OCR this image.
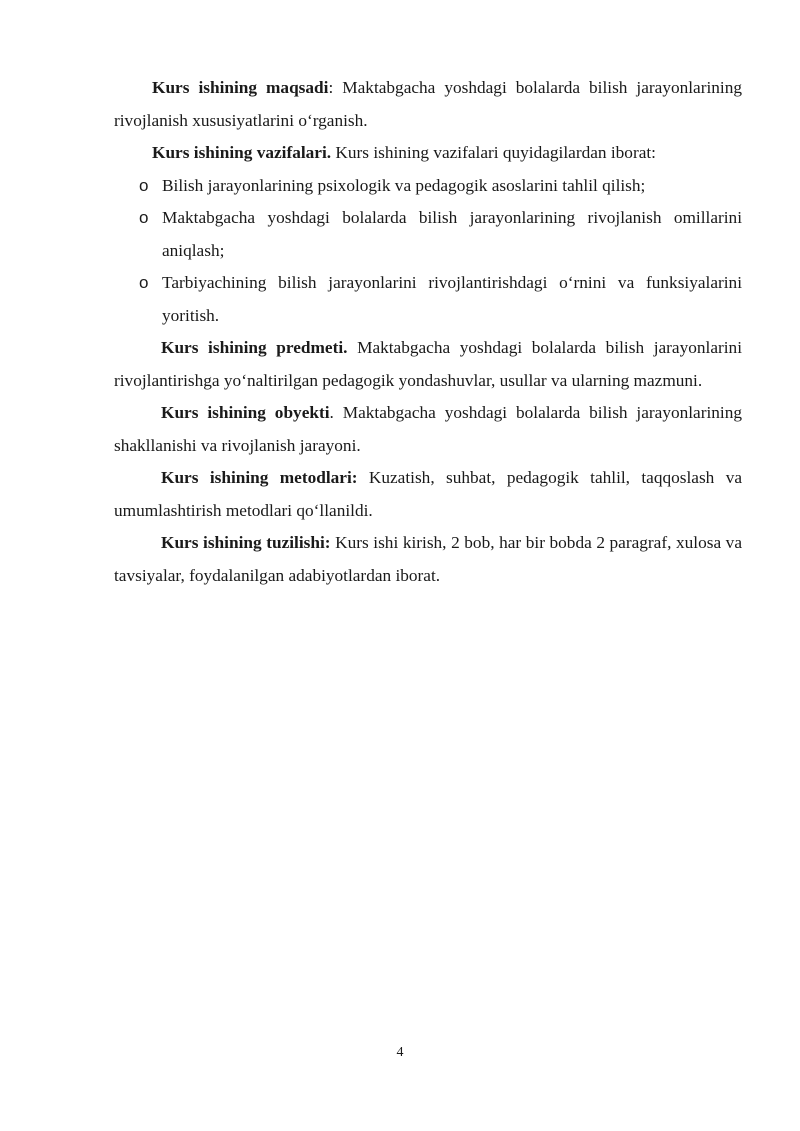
Kurs ishining maqsadi: Maktabgacha yoshdagi bolalarda bilish jarayonlarining rivojlanish xususiyatlarini o‘rganish.

Kurs ishining vazifalari. Kurs ishining vazifalari quyidagilardan iborat:

o Bilish jarayonlarining psixologik va pedagogik asoslarini tahlil qilish;
o Maktabgacha yoshdagi bolalarda bilish jarayonlarining rivojlanish omillarini aniqlash;
o Tarbiyachining bilish jarayonlarini rivojlantirishdagi o‘rnini va funksiyalarini yoritish.

Kurs ishining predmeti. Maktabgacha yoshdagi bolalarda bilish jarayonlarini rivojlantirishga yo‘naltirilgan pedagogik yondashuvlar, usullar va ularning mazmuni.

Kurs ishining obyekti. Maktabgacha yoshdagi bolalarda bilish jarayonlarining shakllanishi va rivojlanish jarayoni.

Kurs ishining metodlari: Kuzatish, suhbat, pedagogik tahlil, taqqoslash va umumlashtirish metodlari qo‘llanildi.

Kurs ishining tuzilishi: Kurs ishi kirish, 2 bob, har bir bobda 2 paragraf, xulosa va tavsiyalar, foydalanilgan adabiyotlardan iborat.

4
